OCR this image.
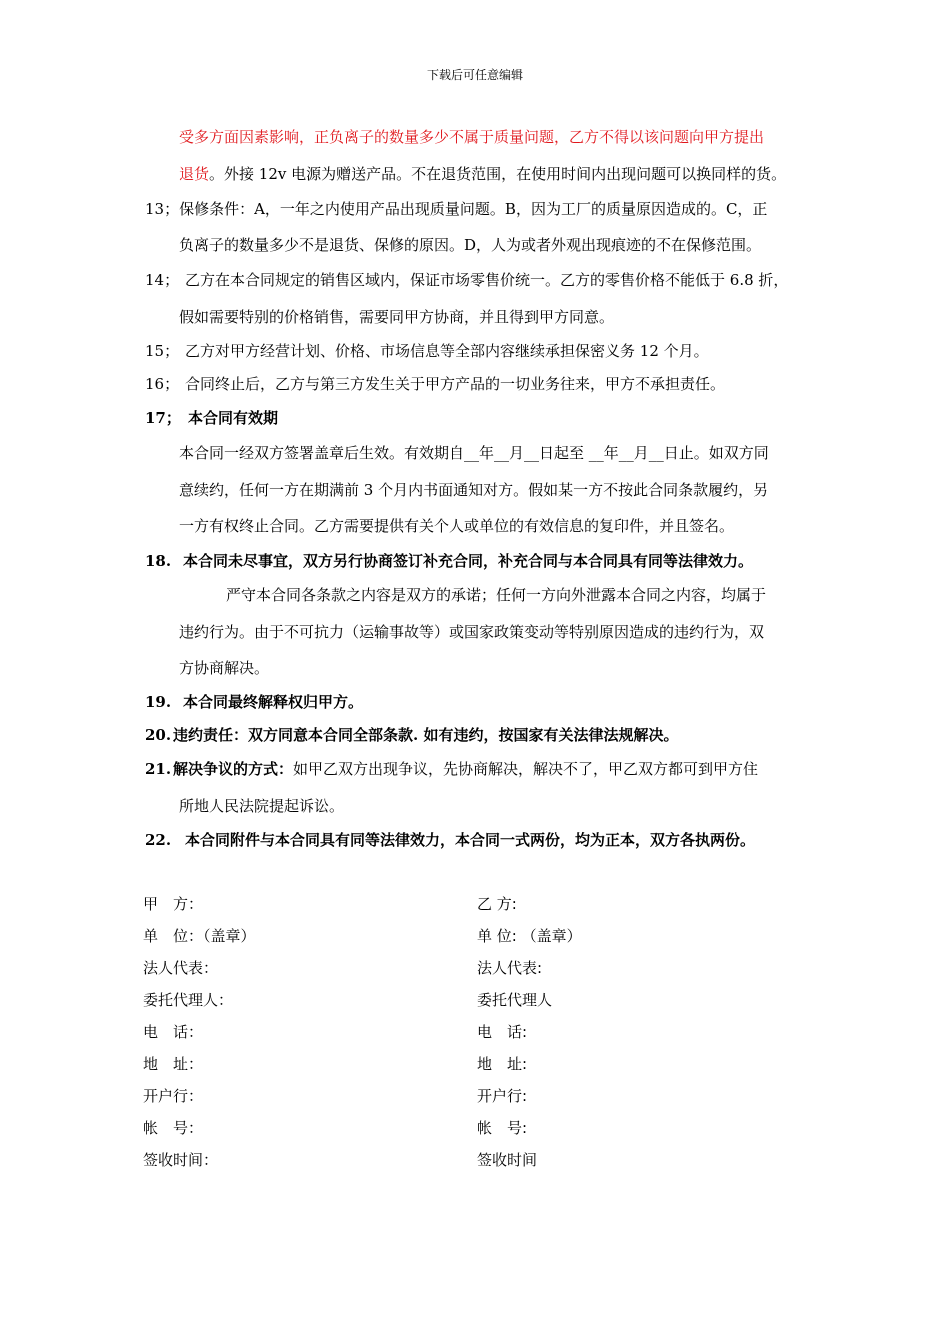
下载后可任意编辑
受多方面因素影响，正负离子的数量多少不属于质量问题，乙方不得以该问题向甲方提出
退货。外接 12v 电源为赠送产品。不在退货范围，在使用时间内出现问题可以换同样的货。
13；保修条件：A，一年之内使用产品出现质量问题。B，因为工厂的质量原因造成的。C，正
负离子的数量多少不是退货、保修的原因。D，人为或者外观出现痕迹的不在保修范围。
14； 乙方在本合同规定的销售区域内，保证市场零售价统一。乙方的零售价格不能低于 6.8 折，
假如需要特别的价格销售，需要同甲方协商，并且得到甲方同意。
15； 乙方对甲方经营计划、价格、市场信息等全部内容继续承担保密义务 12 个月。
16； 合同终止后，乙方与第三方发生关于甲方产品的一切业务往来，甲方不承担责任。
17； 本合同有效期
本合同一经双方签署盖章后生效。有效期自__年__月__日起至 __年__月__日止。如双方同
意续约，任何一方在期满前 3 个月内书面通知对方。假如某一方不按此合同条款履约，另
一方有权终止合同。乙方需要提供有关个人或单位的有效信息的复印件，并且签名。
18. 本合同未尽事宜，双方另行协商签订补充合同，补充合同与本合同具有同等法律效力。
严守本合同各条款之内容是双方的承诺；任何一方向外泄露本合同之内容，均属于
违约行为。由于不可抗力（运输事故等）或国家政策变动等特别原因造成的违约行为，双
方协商解决。
19. 本合同最终解释权归甲方。
20. 违约责任：双方同意本合同全部条款. 如有违约，按国家有关法律法规解决。
21. 解决争议的方式：如甲乙双方出现争议，先协商解决，解决不了，甲乙双方都可到甲方住
所地人民法院提起诉讼。
22. 本合同附件与本合同具有同等法律效力，本合同一式两份，均为正本，双方各执两份。
甲　方：
单　位：（盖章）
法人代表：
委托代理人：
电　话：
地　址：
开户行：
帐　号：
签收时间：
乙 方:
单 位: （盖章）
法人代表:
委托代理人
电　话:
地　址:
开户行:
帐　号:
签收时间
